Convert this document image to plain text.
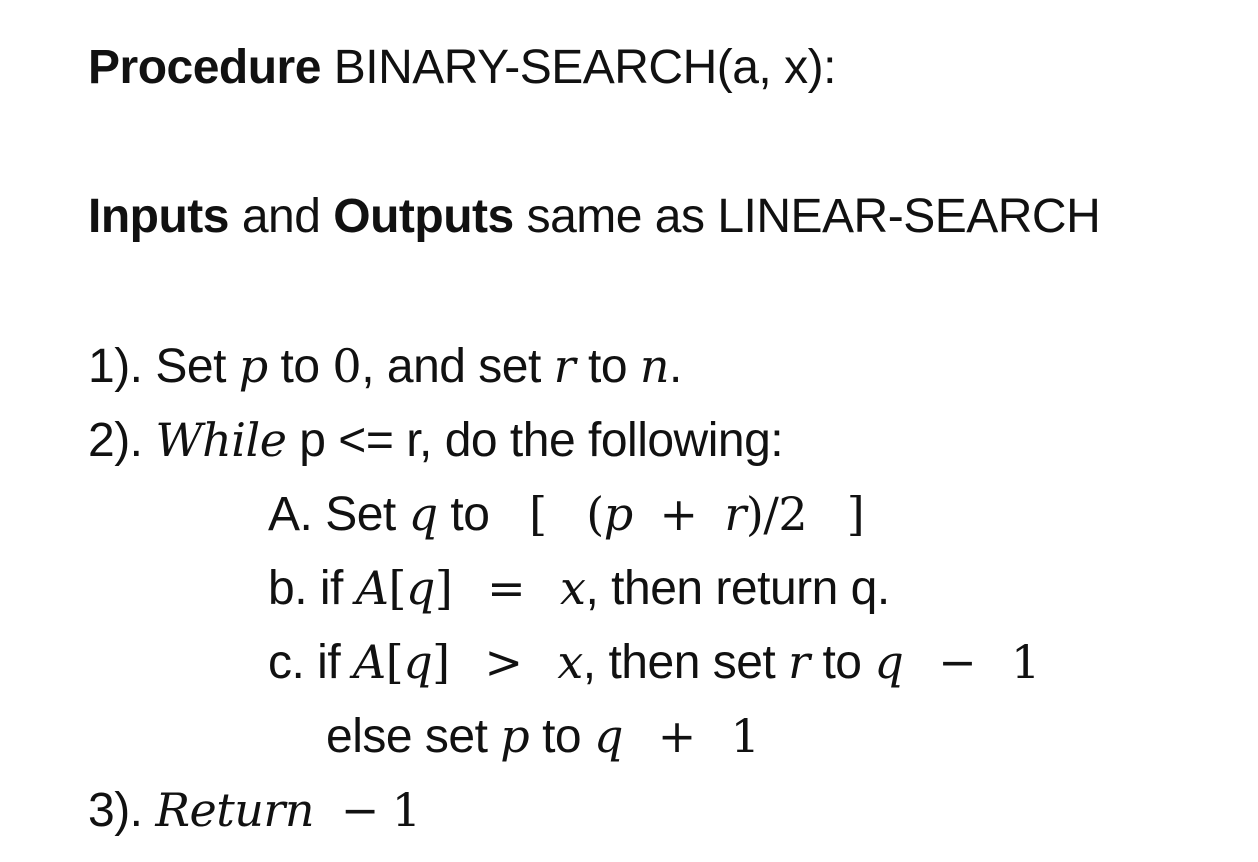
Procedure BINARY-SEARCH(a, x):
Inputs and Outputs same as LINEAR-SEARCH
1). Set p to 0, and set r to n.
2). While p <= r, do the following:
A. Set q to [ (p + r)/2 ]
b. if A[q] = x, then return q.
c. if A[q] > x, then set r to q − 1
else set p to q + 1
3). Return − 1
